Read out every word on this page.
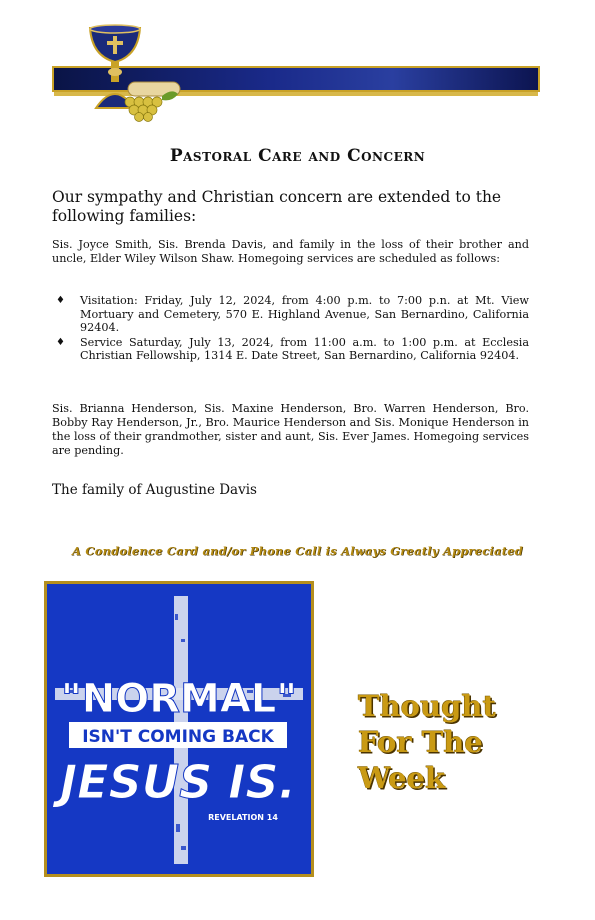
Pastoral Care and Concern
Our sympathy and Christian concern are extended to the following families:
Sis. Joyce Smith, Sis. Brenda Davis, and family in the loss of their brother and uncle, Elder Wiley Wilson Shaw. Homegoing services are scheduled as follows:
♦ Visitation: Friday, July 12, 2024, from 4:00 p.m. to 7:00 p.n. at Mt. View Mortuary and Cemetery, 570 E. Highland Avenue, San Bernardino, California 92404.
♦ Service Saturday, July 13, 2024, from 11:00 a.m. to 1:00 p.m. at Ecclesia Christian Fellowship, 1314 E. Date Street, San Bernardino, California 92404.
Sis. Brianna Henderson, Sis. Maxine Henderson, Bro. Warren Henderson, Bro. Bobby Ray Henderson, Jr., Bro. Maurice Henderson and Sis. Monique Henderson in the loss of their grandmother, sister and aunt, Sis. Ever James. Homegoing services are pending.
The family of Augustine Davis
A Condolence Card and/or Phone Call is Always Greatly Appreciated
"NORMAL"
ISN'T COMING BACK
JESUS IS.
REVELATION 14
Thought
For The
Week
